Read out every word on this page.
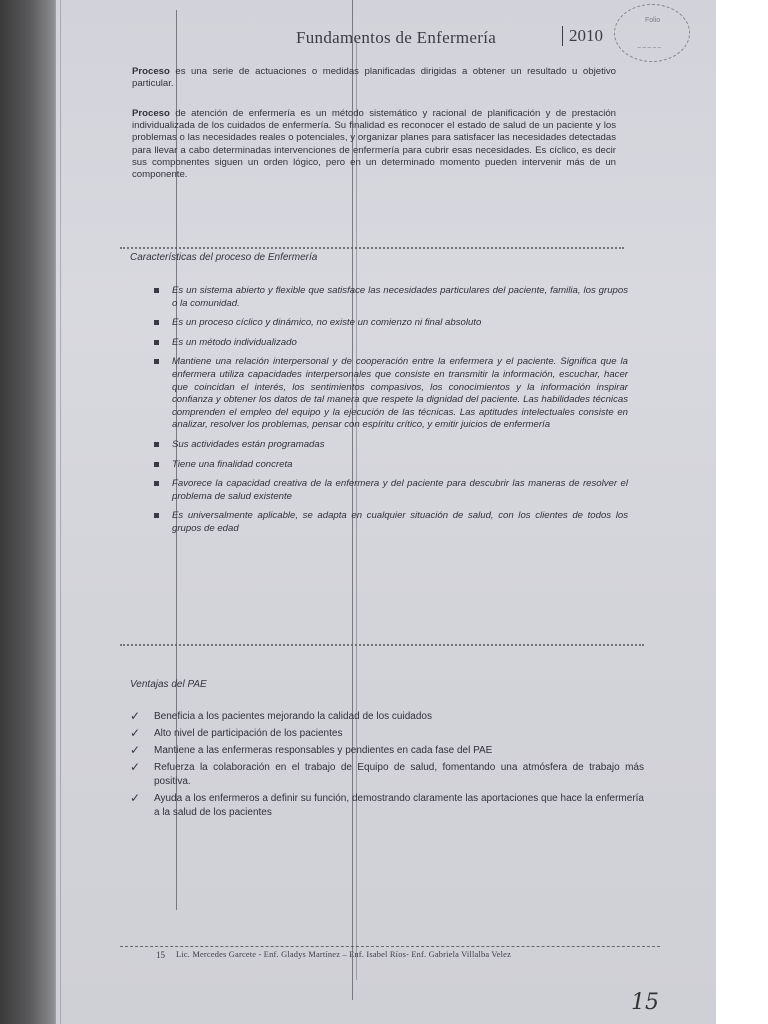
Fundamentos de Enfermería	2010
Folio
~~~~~
Proceso es una serie de actuaciones o medidas planificadas dirigidas a obtener un resultado u objetivo particular.
Proceso de atención de enfermería es un método sistemático y racional de planificación y de prestación individualizada de los cuidados de enfermería. Su finalidad es reconocer el estado de salud de un paciente y los problemas o las necesidades reales o potenciales, y organizar planes para satisfacer las necesidades detectadas para llevar a cabo determinadas intervenciones de enfermería para cubrir esas necesidades. Es cíclico, es decir sus componentes siguen un orden lógico, pero en un determinado momento pueden intervenir más de un componente.
Características del proceso de Enfermería
Es un sistema abierto y flexible que satisface las necesidades particulares del paciente, familia, los grupos o la comunidad.
Es un proceso cíclico y dinámico, no existe un comienzo ni final absoluto
Es un método individualizado
Mantiene una relación interpersonal y de cooperación entre la enfermera y el paciente. Significa que la enfermera utiliza capacidades interpersonales que consiste en transmitir la información, escuchar, hacer que coincidan el interés, los sentimientos compasivos, los conocimientos y la información inspirar confianza y obtener los datos de tal manera que respete la dignidad del paciente. Las habilidades técnicas comprenden el empleo del equipo y la ejecución de las técnicas. Las aptitudes intelectuales consiste en analizar, resolver los problemas, pensar con espíritu crítico, y emitir juicios de enfermería
Sus actividades están programadas
Tiene una finalidad concreta
Favorece la capacidad creativa de la enfermera y del paciente para descubrir las maneras de resolver el problema de salud existente
Es universalmente aplicable, se adapta en cualquier situación de salud, con los clientes de todos los grupos de edad
Ventajas del PAE
✓ Beneficia a los pacientes mejorando la calidad de los cuidados
✓ Alto nivel de participación de los pacientes
✓ Mantiene a las enfermeras responsables y pendientes en cada fase del PAE
✓ Refuerza la colaboración en el trabajo de Equipo de salud, fomentando una atmósfera de trabajo más positiva.
✓ Ayuda a los enfermeros a definir su función, demostrando claramente las aportaciones que hace la enfermería a la salud de los pacientes
15 Lic. Mercedes Garcete - Enf. Gladys Martínez – Enf. Isabel Ríos- Enf. Gabriela Villalba Velez
15
